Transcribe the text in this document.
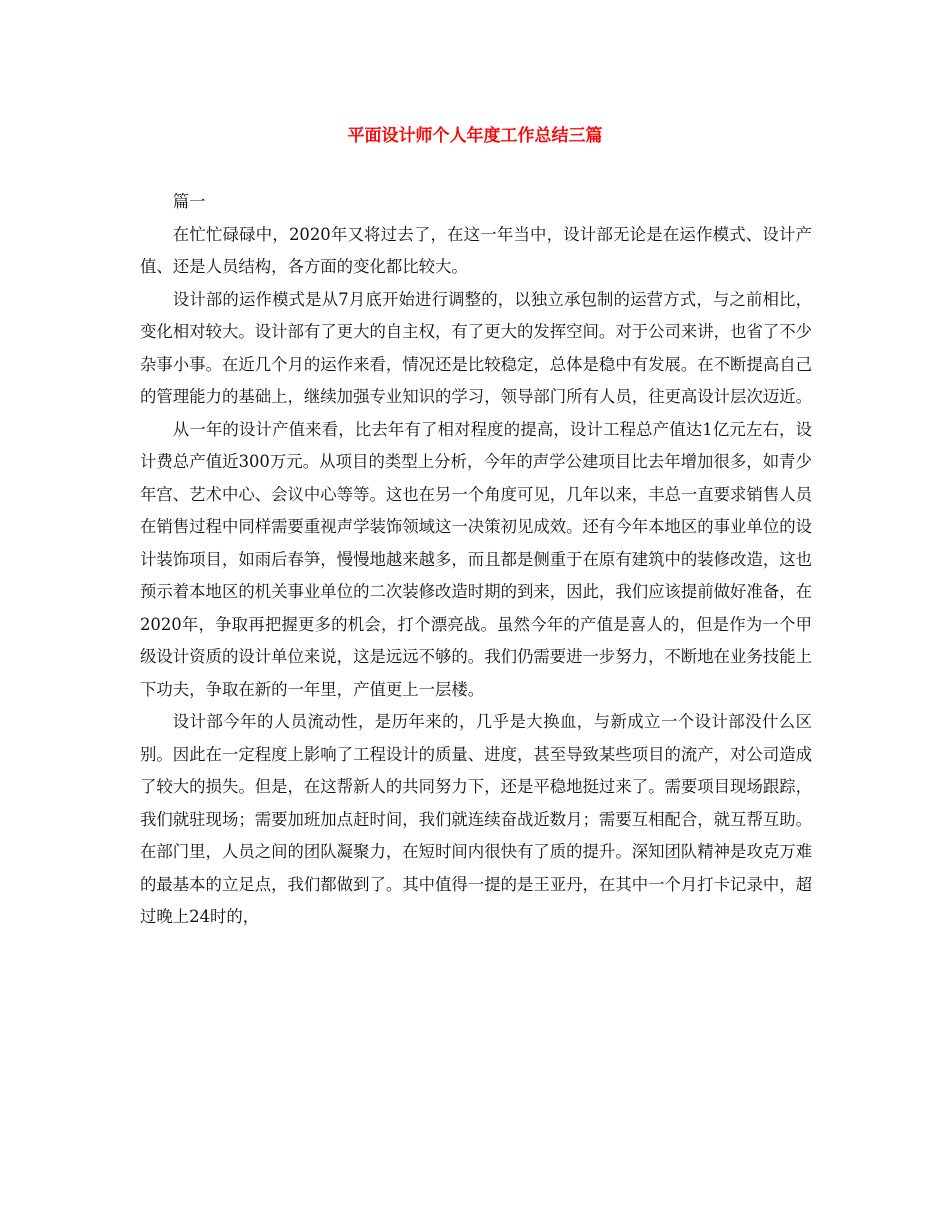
平面设计师个人年度工作总结三篇

篇一

在忙忙碌碌中，2020年又将过去了，在这一年当中，设计部无论是在运作模式、设计产值、还是人员结构，各方面的变化都比较大。

设计部的运作模式是从7月底开始进行调整的，以独立承包制的运营方式，与之前相比，变化相对较大。设计部有了更大的自主权，有了更大的发挥空间。对于公司来讲，也省了不少杂事小事。在近几个月的运作来看，情况还是比较稳定，总体是稳中有发展。在不断提高自己的管理能力的基础上，继续加强专业知识的学习，领导部门所有人员，往更高设计层次迈近。

从一年的设计产值来看，比去年有了相对程度的提高，设计工程总产值达1亿元左右，设计费总产值近300万元。从项目的类型上分析，今年的声学公建项目比去年增加很多，如青少年宫、艺术中心、会议中心等等。这也在另一个角度可见，几年以来，丰总一直要求销售人员在销售过程中同样需要重视声学装饰领域这一决策初见成效。还有今年本地区的事业单位的设计装饰项目，如雨后春笋，慢慢地越来越多，而且都是侧重于在原有建筑中的装修改造，这也预示着本地区的机关事业单位的二次装修改造时期的到来，因此，我们应该提前做好准备，在2020年，争取再把握更多的机会，打个漂亮战。虽然今年的产值是喜人的，但是作为一个甲级设计资质的设计单位来说，这是远远不够的。我们仍需要进一步努力，不断地在业务技能上下功夫，争取在新的一年里，产值更上一层楼。

设计部今年的人员流动性，是历年来的，几乎是大换血，与新成立一个设计部没什么区别。因此在一定程度上影响了工程设计的质量、进度，甚至导致某些项目的流产，对公司造成了较大的损失。但是，在这帮新人的共同努力下，还是平稳地挺过来了。需要项目现场跟踪，我们就驻现场；需要加班加点赶时间，我们就连续奋战近数月；需要互相配合，就互帮互助。在部门里，人员之间的团队凝聚力，在短时间内很快有了质的提升。深知团队精神是攻克万难的最基本的立足点，我们都做到了。其中值得一提的是王亚丹，在其中一个月打卡记录中，超过晚上24时的，
